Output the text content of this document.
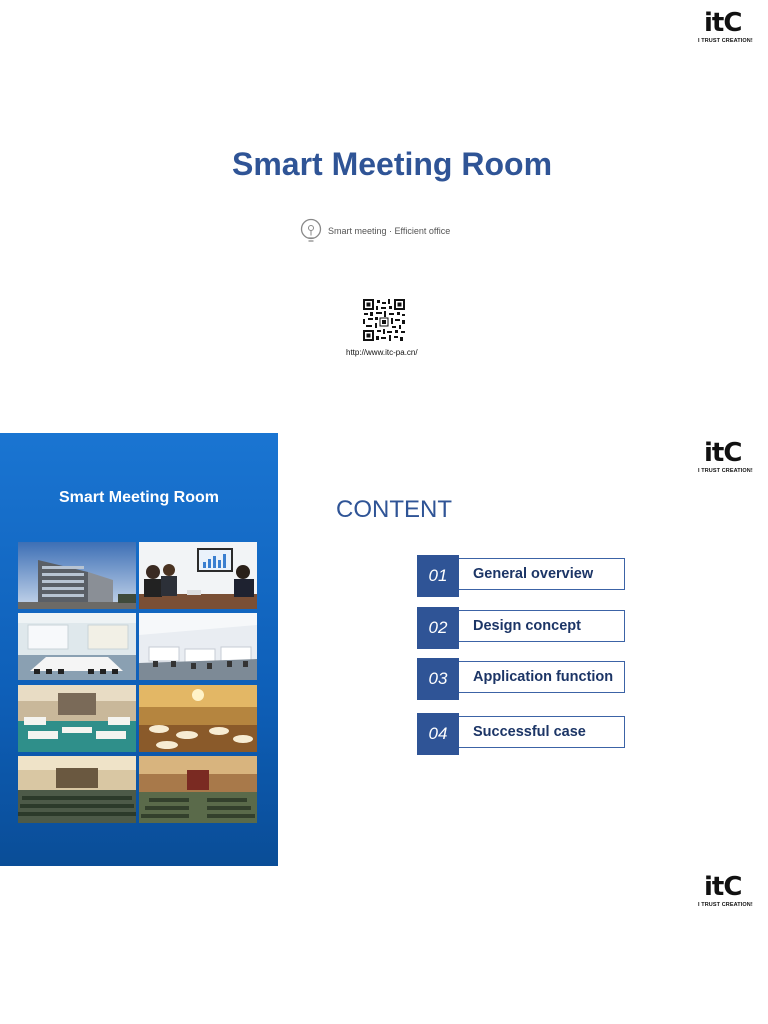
itC
I TRUST CREATION!
Smart Meeting Room
Smart meeting · Efficient office
http://www.itc-pa.cn/
Smart Meeting Room
itC
I TRUST CREATION!
CONTENT
01	General overview
02	Design concept
03	Application function
04	Successful case
itC
I TRUST CREATION!
